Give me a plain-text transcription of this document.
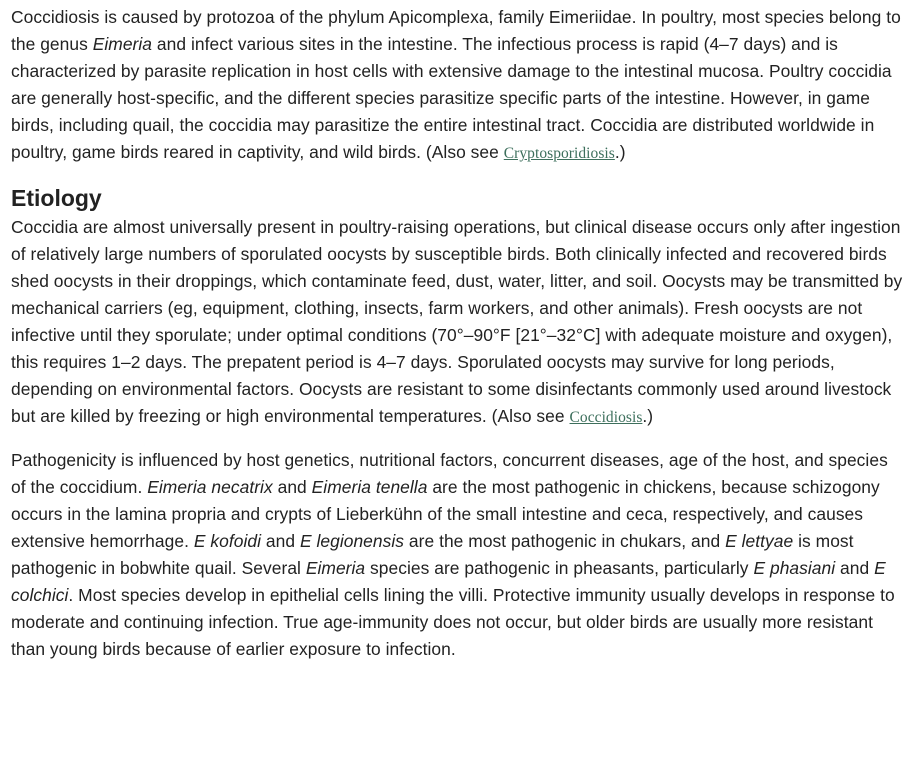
Coccidiosis is caused by protozoa of the phylum Apicomplexa, family Eimeriidae. In poultry, most species belong to the genus Eimeria and infect various sites in the intestine. The infectious process is rapid (4–7 days) and is characterized by parasite replication in host cells with extensive damage to the intestinal mucosa. Poultry coccidia are generally host-specific, and the different species parasitize specific parts of the intestine. However, in game birds, including quail, the coccidia may parasitize the entire intestinal tract. Coccidia are distributed worldwide in poultry, game birds reared in captivity, and wild birds. (Also see Cryptosporidiosis.)

Etiology

Coccidia are almost universally present in poultry-raising operations, but clinical disease occurs only after ingestion of relatively large numbers of sporulated oocysts by susceptible birds. Both clinically infected and recovered birds shed oocysts in their droppings, which contaminate feed, dust, water, litter, and soil. Oocysts may be transmitted by mechanical carriers (eg, equipment, clothing, insects, farm workers, and other animals). Fresh oocysts are not infective until they sporulate; under optimal conditions (70°–90°F [21°–32°C] with adequate moisture and oxygen), this requires 1–2 days. The prepatent period is 4–7 days. Sporulated oocysts may survive for long periods, depending on environmental factors. Oocysts are resistant to some disinfectants commonly used around livestock but are killed by freezing or high environmental temperatures. (Also see Coccidiosis.)

Pathogenicity is influenced by host genetics, nutritional factors, concurrent diseases, age of the host, and species of the coccidium. Eimeria necatrix and Eimeria tenella are the most pathogenic in chickens, because schizogony occurs in the lamina propria and crypts of Lieberkühn of the small intestine and ceca, respectively, and causes extensive hemorrhage. E kofoidi and E legionensis are the most pathogenic in chukars, and E lettyae is most pathogenic in bobwhite quail. Several Eimeria species are pathogenic in pheasants, particularly E phasiani and E colchici. Most species develop in epithelial cells lining the villi. Protective immunity usually develops in response to moderate and continuing infection. True age-immunity does not occur, but older birds are usually more resistant than young birds because of earlier exposure to infection.
